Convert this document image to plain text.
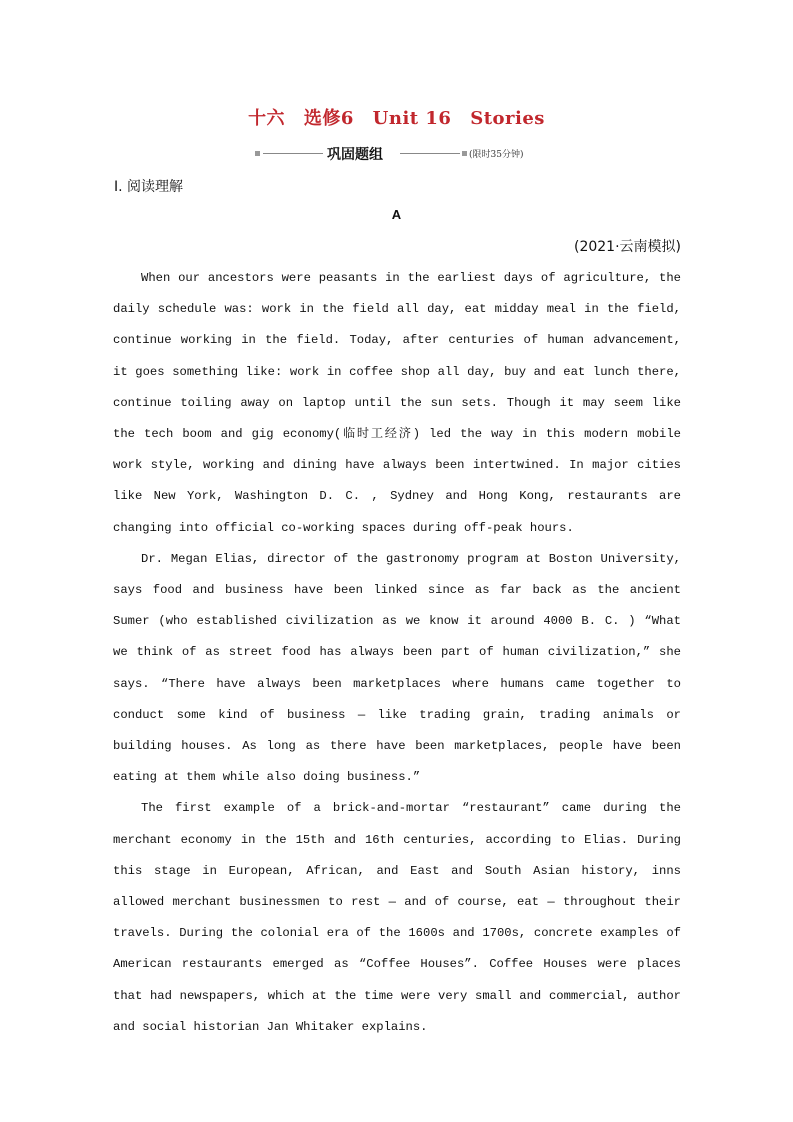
十六 选修6 Unit 16 Stories
巩固题组	(限时35分钟)
Ⅰ. 阅读理解
A
(2021·云南模拟)

When our ancestors were peasants in the earliest days of agriculture, the daily schedule was: work in the field all day, eat midday meal in the field, continue working in the field. Today, after centuries of human advancement, it goes something like: work in coffee shop all day, buy and eat lunch there, continue toiling away on laptop until the sun sets. Though it may seem like the tech boom and gig economy(临时工经济) led the way in this modern mobile work style, working and dining have always been intertwined. In major cities like New York, Washington D. C. , Sydney and Hong Kong, restaurants are changing into official co-working spaces during off-peak hours.

Dr. Megan Elias, director of the gastronomy program at Boston University, says food and business have been linked since as far back as the ancient Sumer (who established civilization as we know it around 4000 B. C. ) “What we think of as street food has always been part of human civilization,” she says. “There have always been marketplaces where humans came together to conduct some kind of business — like trading grain, trading animals or building houses. As long as there have been marketplaces, people have been eating at them while also doing business.”

The first example of a brick-and-mortar “restaurant” came during the merchant economy in the 15th and 16th centuries, according to Elias. During this stage in European, African, and East and South Asian history, inns allowed merchant businessmen to rest — and of course, eat — throughout their travels. During the colonial era of the 1600s and 1700s, concrete examples of American restaurants emerged as “Coffee Houses”. Coffee Houses were places that had newspapers, which at the time were very small and commercial, author and social historian Jan Whitaker explains.
